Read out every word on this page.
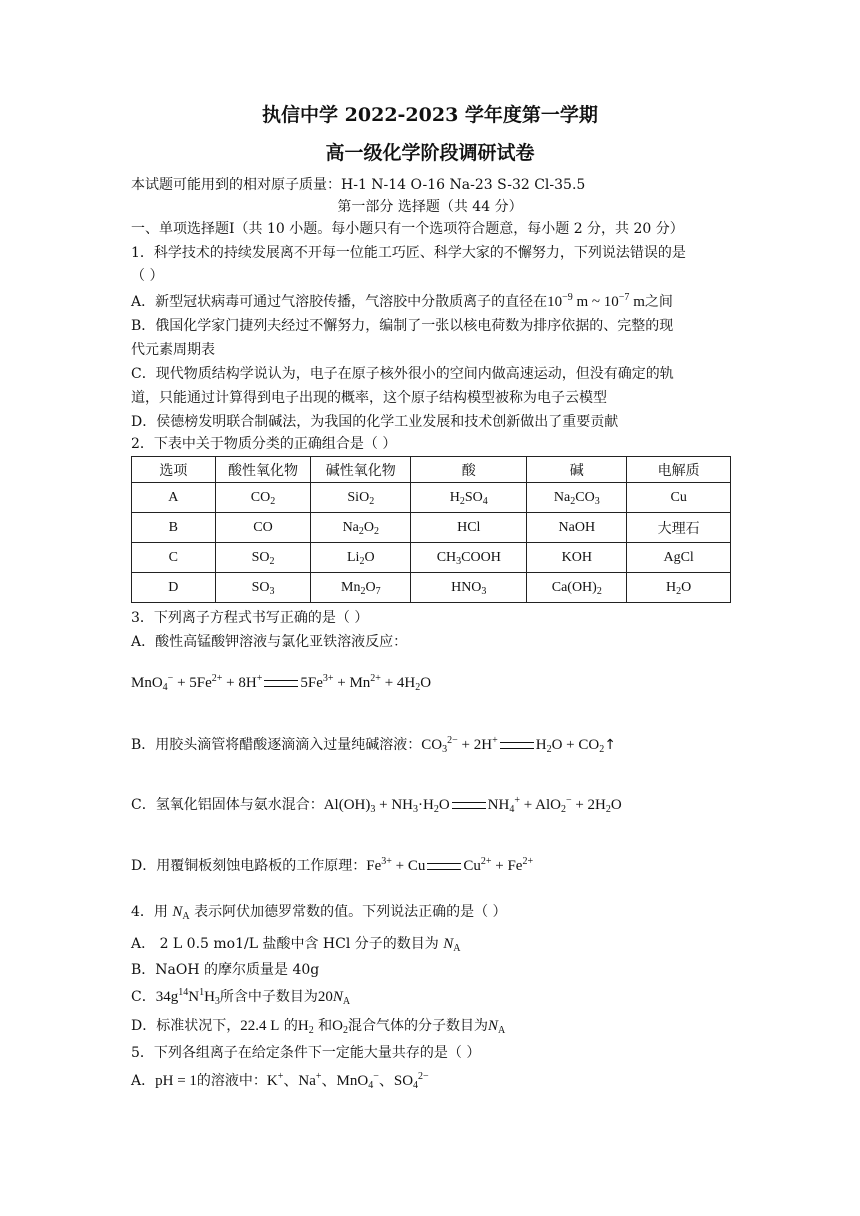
执信中学 2022-2023 学年度第一学期
高一级化学阶段调研试卷
本试题可能用到的相对原子质量：H-1 N-14 O-16 Na-23 S-32 Cl-35.5
第一部分 选择题（共 44 分）
一、单项选择题Ⅰ（共 10 小题。每小题只有一个选项符合题意，每小题 2 分，共 20 分）
1．科学技术的持续发展离不开每一位能工巧匠、科学大家的不懈努力，下列说法错误的是
（ ）
A．新型冠状病毒可通过气溶胶传播，气溶胶中分散质离子的直径在$10^{-9}$ m ~ $10^{-7}$ m之间
B．俄国化学家门捷列夫经过不懈努力，编制了一张以核电荷数为排序依据的、完整的现
代元素周期表
C．现代物质结构学说认为，电子在原子核外很小的空间内做高速运动，但没有确定的轨
道，只能通过计算得到电子出现的概率，这个原子结构模型被称为电子云模型
D．侯德榜发明联合制碱法，为我国的化学工业发展和技术创新做出了重要贡献
2．下表中关于物质分类的正确组合是（ ）
选项	酸性氧化物	碱性氧化物	酸	碱	电解质
A	$CO_2$	SiO$_2$	$H_2SO_4$	$Na_2CO_3$	Cu
B	CO	$Na_2O_2$	HCl	NaOH	大理石
C	$SO_2$	$Li_2O$	$CH_3COOH$	KOH	AgCl
D	$SO_3$	$Mn_2O_7$	$HNO_3$	$Ca(OH)_2$	$H_2O$
3．下列离子方程式书写正确的是（ ）
A．酸性高锰酸钾溶液与氯化亚铁溶液反应：
$MnO_4^- + 5Fe^{2+} + 8H^+$	$5Fe^{3+} + Mn^{2+} + 4H_2O$
B．用胶头滴管将醋酸逐滴滴入过量纯碱溶液：$CO_3^{2-} + 2H^+$	$H_2O$ + $CO_2↑$
C．氢氧化铝固体与氨水混合：$Al(OH)_3 + NH_3\cdot H_2O$	$NH_4^+ + AlO_2^- + 2H_2O$
D．用覆铜板刻蚀电路板的工作原理：$Fe^{3+} + Cu$	$Cu^{2+} + Fe^{2+}$
4．用 $N_A$ 表示阿伏加德罗常数的值。下列说法正确的是（ ）
A． 2 L 0.5 mo1/L 盐酸中含 HCl 分子的数目为 $N_A$
B．NaOH 的摩尔质量是 40g
C．$34g^{14}N^1H_3$所含中子数目为$20N_A$
D．标准状况下，22.4 L 的$H_2$ 和$O_2$混合气体的分子数目为$N_A$
5．下列各组离子在给定条件下一定能大量共存的是（ ）
A．pH = 1的溶液中：K+、Na+、MnO$_4$−、$SO_4^{2-}$
